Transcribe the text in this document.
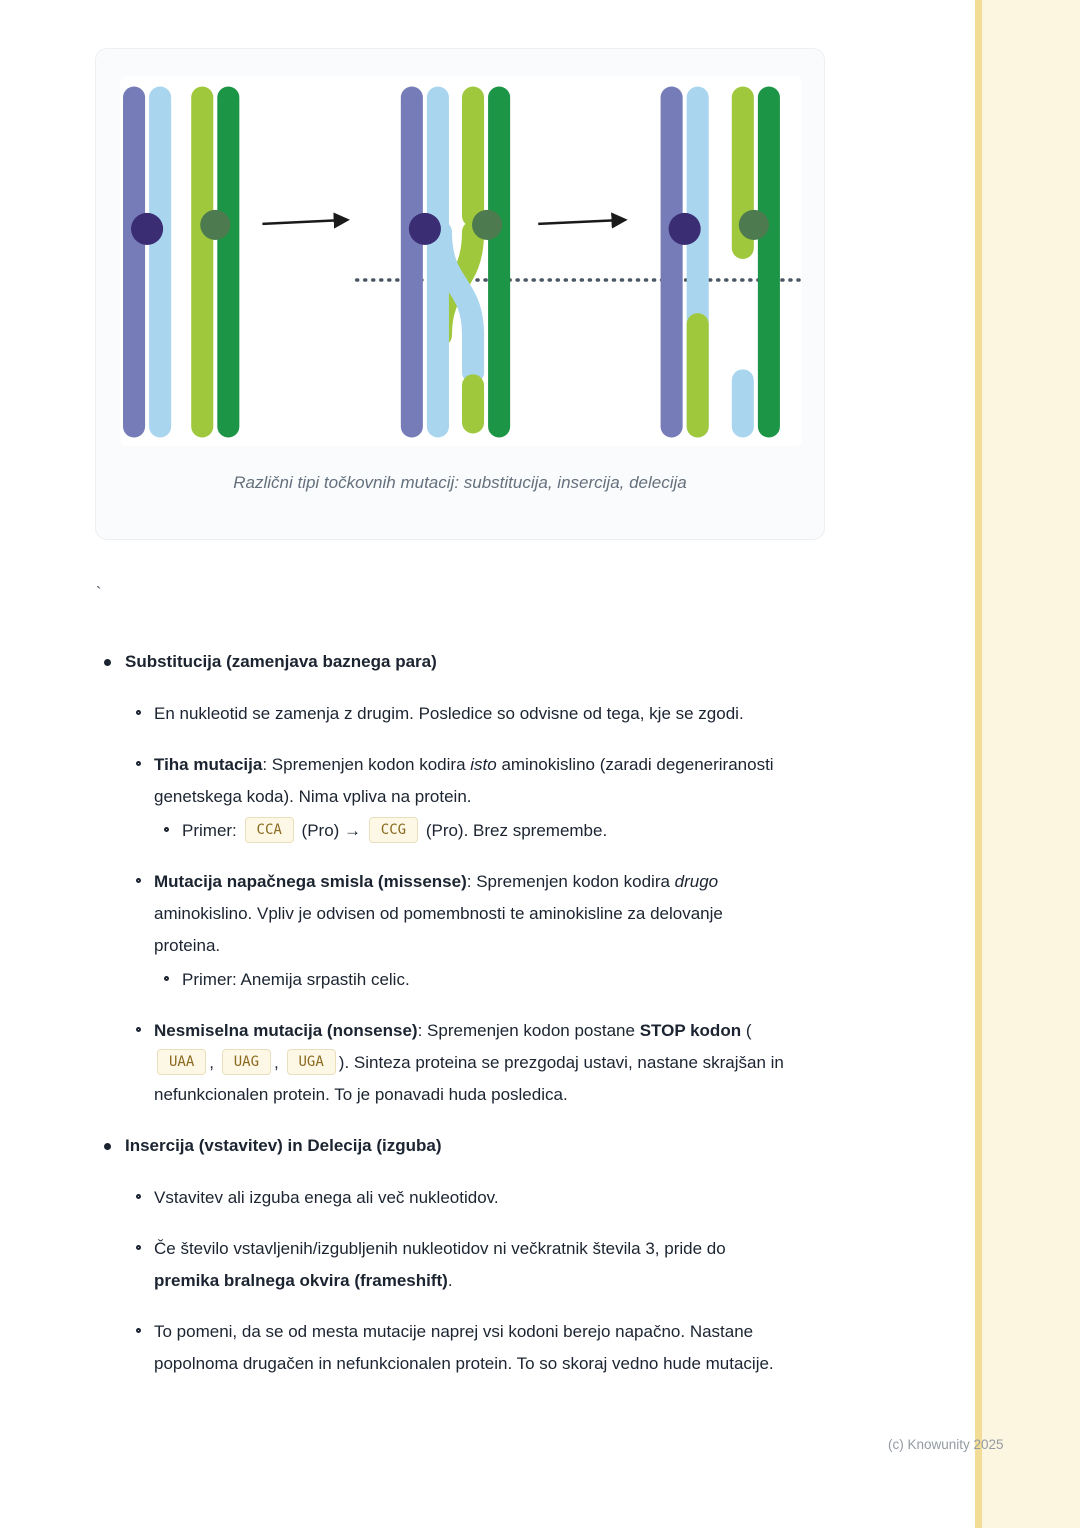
Različni tipi točkovnih mutacij: substitucija, insercija, delecija
`
Substitucija (zamenjava baznega para)
En nukleotid se zamenja z drugim. Posledice so odvisne od tega, kje se zgodi.
Tiha mutacija: Spremenjen kodon kodira isto aminokislino (zaradi degeneriranosti genetskega koda). Nima vpliva na protein.
Primer: CCA (Pro) → CCG (Pro). Brez spremembe.
Mutacija napačnega smisla (missense): Spremenjen kodon kodira drugo aminokislino. Vpliv je odvisen od pomembnosti te aminokisline za delovanje proteina.
Primer: Anemija srpastih celic.
Nesmiselna mutacija (nonsense): Spremenjen kodon postane STOP kodon (UAA , UAG , UGA ). Sinteza proteina se prezgodaj ustavi, nastane skrajšan in nefunkcionalen protein. To je ponavadi huda posledica.
Insercija (vstavitev) in Delecija (izguba)
Vstavitev ali izguba enega ali več nukleotidov.
Če število vstavljenih/izgubljenih nukleotidov ni večkratnik števila 3, pride do premika bralnega okvira (frameshift).
To pomeni, da se od mesta mutacije naprej vsi kodoni berejo napačno. Nastane popolnoma drugačen in nefunkcionalen protein. To so skoraj vedno hude mutacije.
(c) Knowunity 2025
